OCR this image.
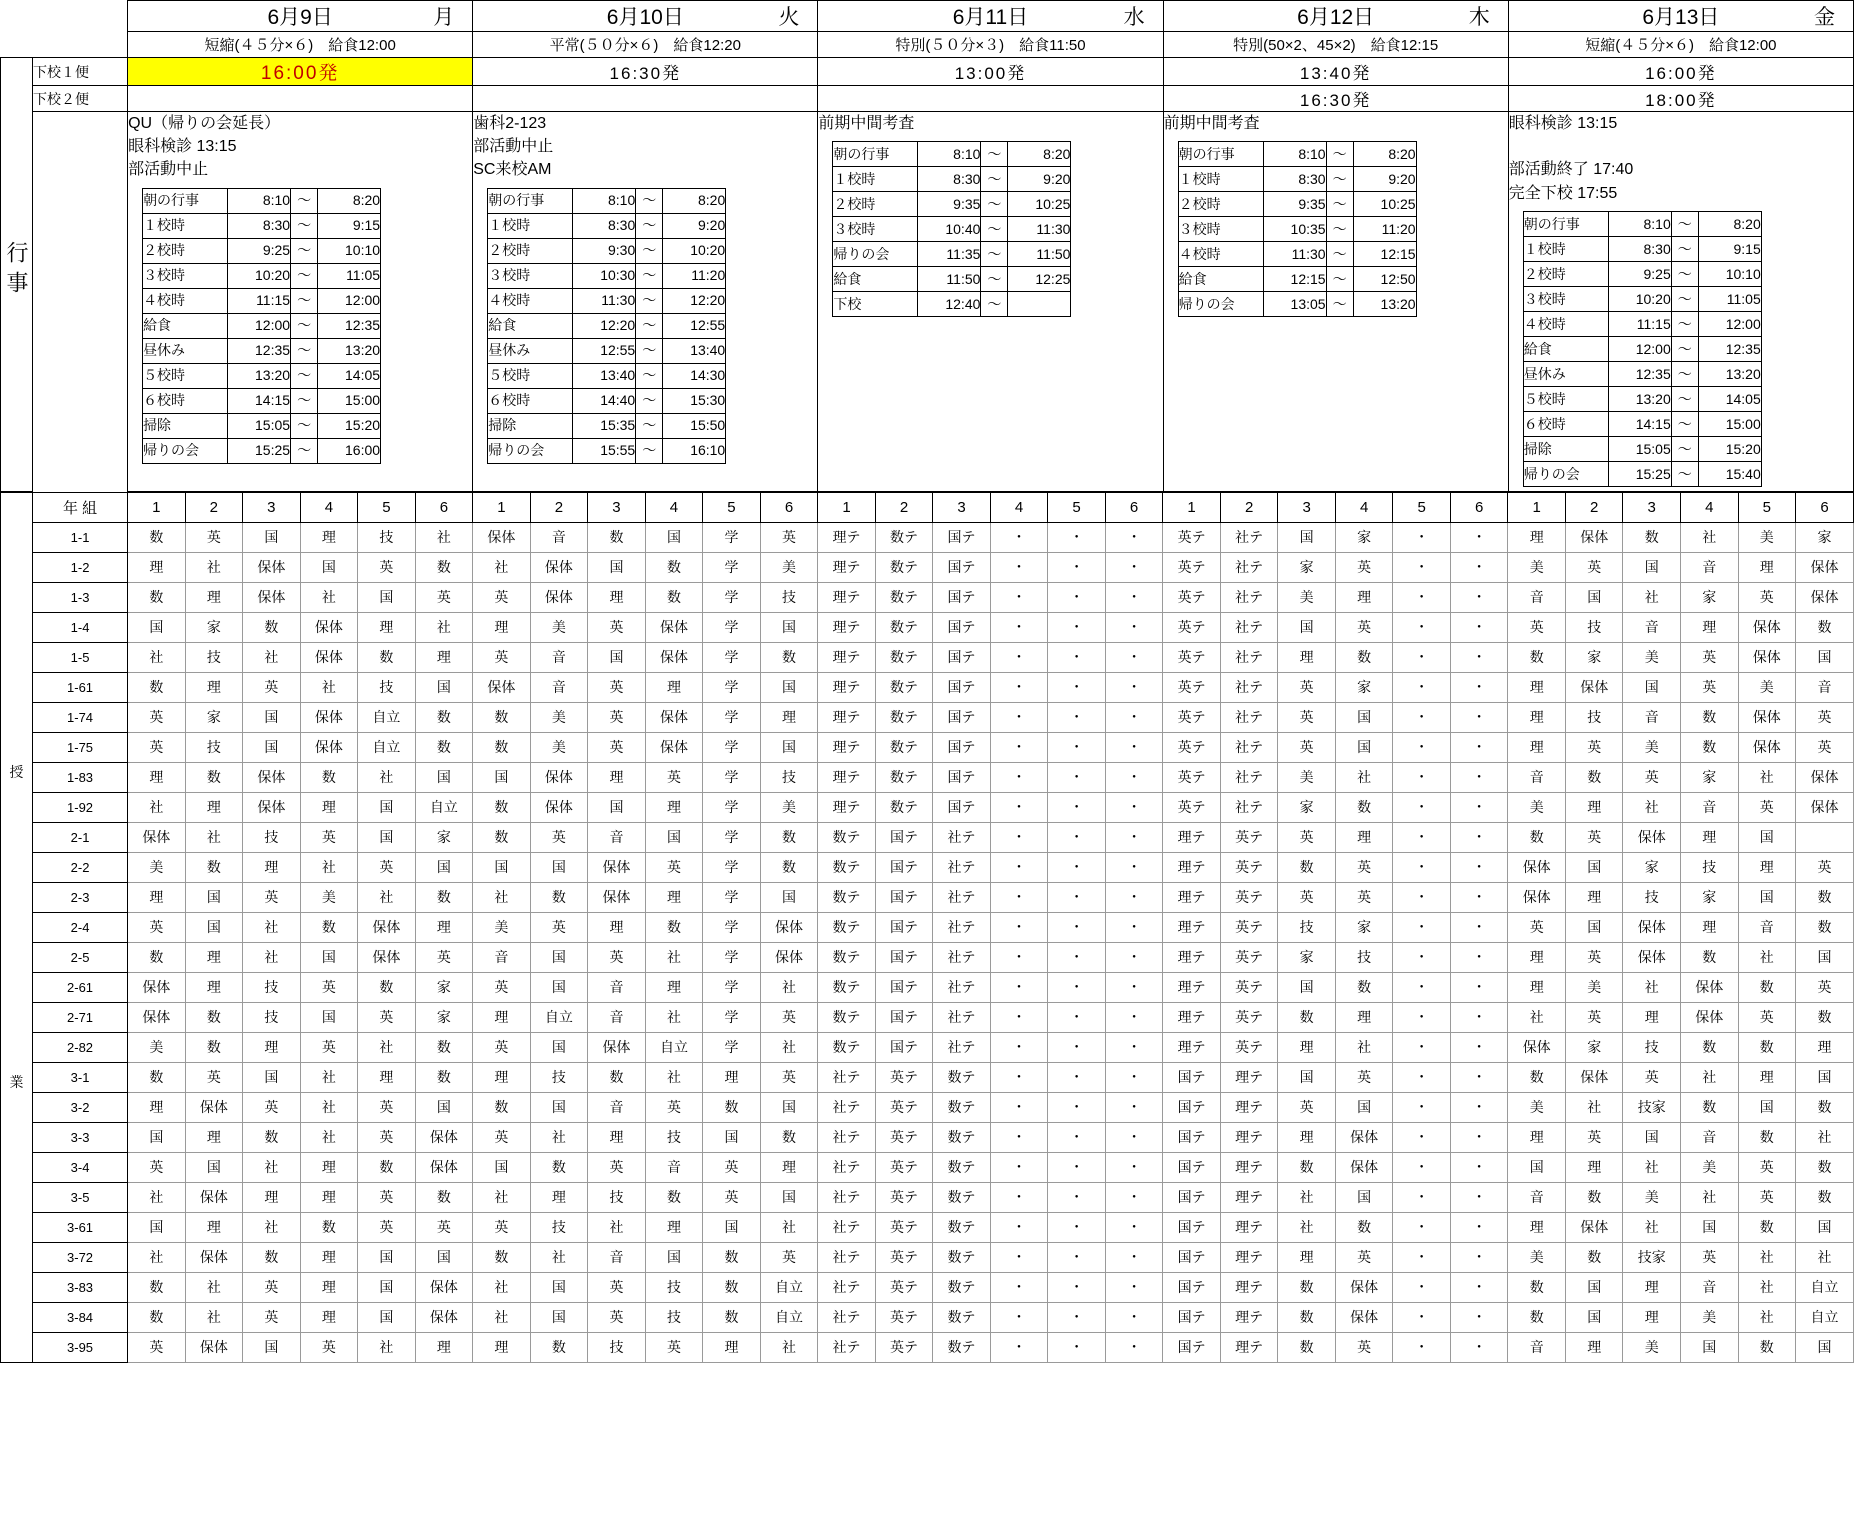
6月9日	月	6月10日	火	6月11日	水	6月12日	木	6月13日	金

		短縮(４５分×６)　給食12:00	平常(５０分×６)　給食12:20	特別(５０分×３)　給食11:50	特別(50×2、45×2)　給食12:15	短縮(４５分×６)　給食12:00
行事	下校１便	16:00発	16:30発	13:00発	13:40発	16:00発
下校２便				16:30発	18:00発

QU（帰りの会延長）
眼科検診 13:15
部活動中止
朝の行事	8:10	〜	8:20
１校時	8:30	〜	9:15
２校時	9:25	〜	10:10
３校時	10:20	〜	11:05
４校時	11:15	〜	12:00
給食	12:00	〜	12:35
昼休み	12:35	〜	13:20
５校時	13:20	〜	14:05
６校時	14:15	〜	15:00
掃除	15:05	〜	15:20
帰りの会	15:25	〜	16:00

歯科2-123
部活動中止
SC来校AM
朝の行事	8:10	〜	8:20
１校時	8:30	〜	9:20
２校時	9:30	〜	10:20
３校時	10:30	〜	11:20
４校時	11:30	〜	12:20
給食	12:20	〜	12:55
昼休み	12:55	〜	13:40
５校時	13:40	〜	14:30
６校時	14:40	〜	15:30
掃除	15:35	〜	15:50
帰りの会	15:55	〜	16:10

前期中間考査
朝の行事	8:10	〜	8:20
１校時	8:30	〜	9:20
２校時	9:35	〜	10:25
３校時	10:40	〜	11:30
帰りの会	11:35	〜	11:50
給食	11:50	〜	12:25
下校	12:40	〜	

前期中間考査
朝の行事	8:10	〜	8:20
１校時	8:30	〜	9:20
２校時	9:35	〜	10:25
３校時	10:35	〜	11:20
４校時	11:30	〜	12:15
給食	12:15	〜	12:50
帰りの会	13:05	〜	13:20

眼科検診 13:15

部活動終了 17:40
完全下校 17:55
朝の行事	8:10	〜	8:20
１校時	8:30	〜	9:15
２校時	9:25	〜	10:10
３校時	10:20	〜	11:05
４校時	11:15	〜	12:00
給食	12:00	〜	12:35
昼休み	12:35	〜	13:20
５校時	13:20	〜	14:05
６校時	14:15	〜	15:00
掃除	15:05	〜	15:20
帰りの会	15:25	〜	15:40
授
業	年 組	1	2	3	4	5	6	1	2	3	4	5	6	1	2	3	4	5	6	1	2	3	4	5	6	1	2	3	4	5	6
	1-1	数	英	国	理	技	社	保体	音	数	国	学	英	理テ	数テ	国テ	・	・	・	英テ	社テ	国	家	・	・	理	保体	数	社	美	家
	1-2	理	社	保体	国	英	数	社	保体	国	数	学	美	理テ	数テ	国テ	・	・	・	英テ	社テ	家	英	・	・	美	英	国	音	理	保体
	1-3	数	理	保体	社	国	英	英	保体	理	数	学	技	理テ	数テ	国テ	・	・	・	英テ	社テ	美	理	・	・	音	国	社	家	英	保体
	1-4	国	家	数	保体	理	社	理	美	英	保体	学	国	理テ	数テ	国テ	・	・	・	英テ	社テ	国	英	・	・	英	技	音	理	保体	数
	1-5	社	技	社	保体	数	理	英	音	国	保体	学	数	理テ	数テ	国テ	・	・	・	英テ	社テ	理	数	・	・	数	家	美	英	保体	国
	1-61	数	理	英	社	技	国	保体	音	英	理	学	国	理テ	数テ	国テ	・	・	・	英テ	社テ	英	家	・	・	理	保体	国	英	美	音
	1-74	英	家	国	保体	自立	数	数	美	英	保体	学	理	理テ	数テ	国テ	・	・	・	英テ	社テ	英	国	・	・	理	技	音	数	保体	英
	1-75	英	技	国	保体	自立	数	数	美	英	保体	学	国	理テ	数テ	国テ	・	・	・	英テ	社テ	英	国	・	・	理	英	美	数	保体	英
	1-83	理	数	保体	数	社	国	国	保体	理	英	学	技	理テ	数テ	国テ	・	・	・	英テ	社テ	美	社	・	・	音	数	英	家	社	保体
	1-92	社	理	保体	理	国	自立	数	保体	国	理	学	美	理テ	数テ	国テ	・	・	・	英テ	社テ	家	数	・	・	美	理	社	音	英	保体
	2-1	保体	社	技	英	国	家	数	英	音	国	学	数	数テ	国テ	社テ	・	・	・	理テ	英テ	英	理	・	・	数	英	保体	理	国	
	2-2	美	数	理	社	英	国	国	国	保体	英	学	数	数テ	国テ	社テ	・	・	・	理テ	英テ	数	英	・	・	保体	国	家	技	理	英
	2-3	理	国	英	美	社	数	社	数	保体	理	学	国	数テ	国テ	社テ	・	・	・	理テ	英テ	英	英	・	・	保体	理	技	家	国	数
	2-4	英	国	社	数	保体	理	美	英	理	数	学	保体	数テ	国テ	社テ	・	・	・	理テ	英テ	技	家	・	・	英	国	保体	理	音	数
	2-5	数	理	社	国	保体	英	音	国	英	社	学	保体	数テ	国テ	社テ	・	・	・	理テ	英テ	家	技	・	・	理	英	保体	数	社	国
	2-61	保体	理	技	英	数	家	英	国	音	理	学	社	数テ	国テ	社テ	・	・	・	理テ	英テ	国	数	・	・	理	美	社	保体	数	英
	2-71	保体	数	技	国	英	家	理	自立	音	社	学	英	数テ	国テ	社テ	・	・	・	理テ	英テ	数	理	・	・	社	英	理	保体	英	数
	2-82	美	数	理	英	社	数	英	国	保体	自立	学	社	数テ	国テ	社テ	・	・	・	理テ	英テ	理	社	・	・	保体	家	技	数	数	理
	3-1	数	英	国	社	理	数	理	技	数	社	理	英	社テ	英テ	数テ	・	・	・	国テ	理テ	国	英	・	・	数	保体	英	社	理	国
	3-2	理	保体	英	社	英	国	数	国	音	英	数	国	社テ	英テ	数テ	・	・	・	国テ	理テ	英	国	・	・	美	社	技家	数	国	数
	3-3	国	理	数	社	英	保体	英	社	理	技	国	数	社テ	英テ	数テ	・	・	・	国テ	理テ	理	保体	・	・	理	英	国	音	数	社
	3-4	英	国	社	理	数	保体	国	数	英	音	英	理	社テ	英テ	数テ	・	・	・	国テ	理テ	数	保体	・	・	国	理	社	美	英	数
	3-5	社	保体	理	理	英	数	社	理	技	数	英	国	社テ	英テ	数テ	・	・	・	国テ	理テ	社	国	・	・	音	数	美	社	英	数
	3-61	国	理	社	数	英	英	英	技	社	理	国	社	社テ	英テ	数テ	・	・	・	国テ	理テ	社	数	・	・	理	保体	社	国	数	国
	3-72	社	保体	数	理	国	国	数	社	音	国	数	英	社テ	英テ	数テ	・	・	・	国テ	理テ	理	英	・	・	美	数	技家	英	社	社
	3-83	数	社	英	理	国	保体	社	国	英	技	数	自立	社テ	英テ	数テ	・	・	・	国テ	理テ	数	保体	・	・	数	国	理	音	社	自立
	3-84	数	社	英	理	国	保体	社	国	英	技	数	自立	社テ	英テ	数テ	・	・	・	国テ	理テ	数	保体	・	・	数	国	理	美	社	自立
	3-95	英	保体	国	英	社	理	理	数	技	英	理	社	社テ	英テ	数テ	・	・	・	国テ	理テ	数	英	・	・	音	理	美	国	数	国
